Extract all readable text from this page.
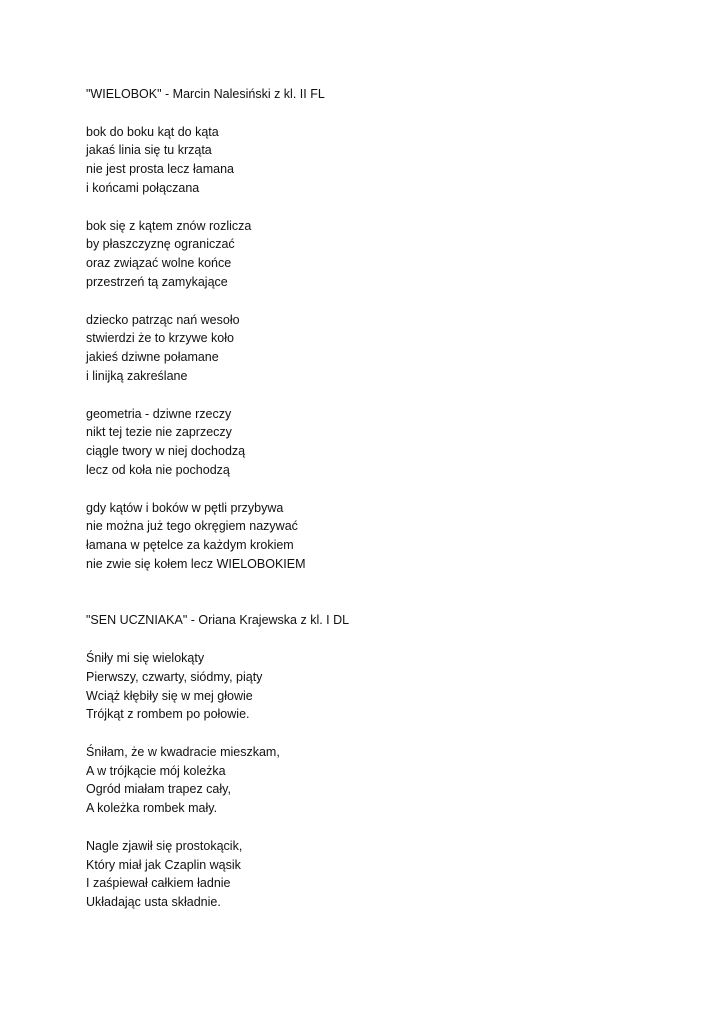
"WIELOBOK" - Marcin Nalesiński z kl. II FL
bok do boku kąt do kąta
jakaś linia się tu krząta
nie jest prosta lecz łamana
i końcami połączana
bok się z kątem znów rozlicza
by płaszczyznę ograniczać
oraz związać wolne końce
przestrzeń tą zamykające
dziecko patrząc nań wesoło
stwierdzi że to krzywe koło
jakieś dziwne połamane
i linijką zakreślane
geometria - dziwne rzeczy
nikt tej tezie nie zaprzeczy
ciągle twory w niej dochodzą
lecz od koła nie pochodzą
gdy kątów i boków w pętli przybywa
nie można już tego okręgiem nazywać
łamana w pętelce za każdym krokiem
nie zwie się kołem lecz WIELOBOKIEM
"SEN UCZNIAKA" - Oriana Krajewska z kl. I DL
Śniły mi się wielokąty
Pierwszy, czwarty, siódmy, piąty
Wciąż kłębiły się w mej głowie
Trójkąt z rombem po połowie.
Śniłam, że w kwadracie mieszkam,
A w trójkącie mój koleżka
Ogród miałam trapez cały,
A koleżka rombek mały.
Nagle zjawił się prostokącik,
Który miał jak Czaplin wąsik
I zaśpiewał całkiem ładnie
Układając usta składnie.
